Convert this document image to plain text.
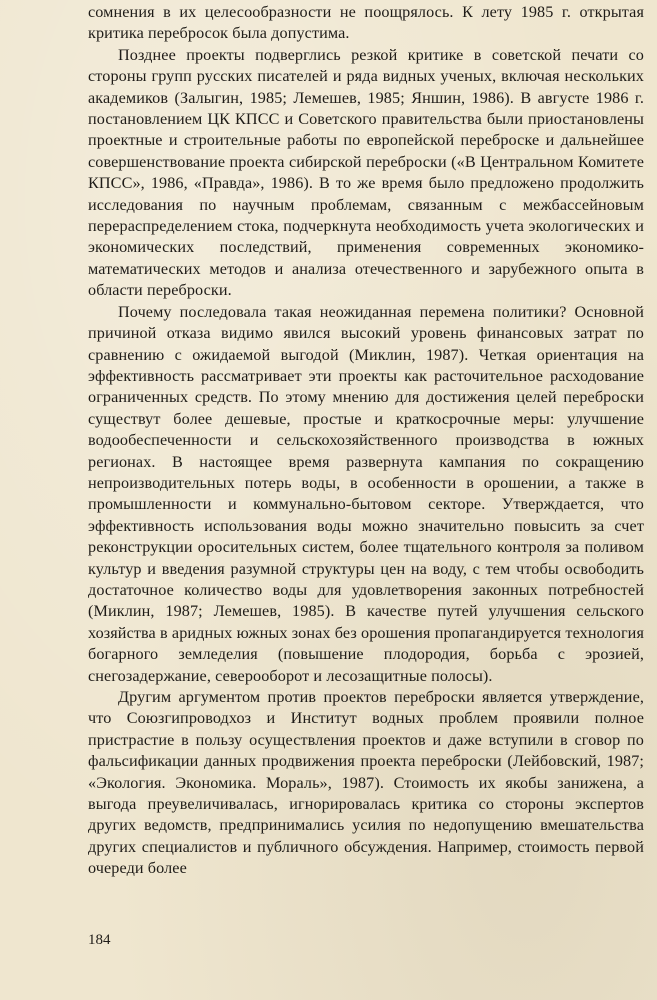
сомнения в их целесообразности не поощрялось. К лету 1985 г. открытая критика перебросок была допустима.

Позднее проекты подверглись резкой критике в советской печати со стороны групп русских писателей и ряда видных ученых, включая нескольких академиков (Залыгин, 1985; Лемешев, 1985; Яншин, 1986). В августе 1986 г. постановлением ЦК КПСС и Советского правительства были приостановлены проектные и строительные работы по европейской переброске и дальнейшее совершенствование проекта сибирской переброски («В Центральном Комитете КПСС», 1986, «Правда», 1986). В то же время было предложено продолжить исследования по научным проблемам, связанным с межбассейновым перераспределением стока, подчеркнута необходимость учета экологических и экономических последствий, применения современных экономико-математических методов и анализа отечественного и зарубежного опыта в области переброски.

Почему последовала такая неожиданная перемена политики? Основной причиной отказа видимо явился высокий уровень финансовых затрат по сравнению с ожидаемой выгодой (Миклин, 1987). Четкая ориентация на эффективность рассматривает эти проекты как расточительное расходование ограниченных средств. По этому мнению для достижения целей переброски существут более дешевые, простые и краткосрочные меры: улучшение водообеспеченности и сельскохозяйственного производства в южных регионах. В настоящее время развернута кампания по сокращению непроизводительных потерь воды, в особенности в орошении, а также в промышленности и коммунально-бытовом секторе. Утверждается, что эффективность использования воды можно значительно повысить за счет реконструкции оросительных систем, более тщательного контроля за поливом культур и введения разумной структуры цен на воду, с тем чтобы освободить достаточное количество воды для удовлетворения законных потребностей (Миклин, 1987; Лемешев, 1985). В качестве путей улучшения сельского хозяйства в аридных южных зонах без орошения пропагандируется технология богарного земледелия (повышение плодородия, борьба с эрозией, снегозадержание, северооборот и лесозащитные полосы).

Другим аргументом против проектов переброски является утверждение, что Союзгипроводхоз и Институт водных проблем проявили полное пристрастие в пользу осуществления проектов и даже вступили в сговор по фальсификации данных продвижения проекта переброски (Лейбовский, 1987; «Экология. Экономика. Мораль», 1987). Стоимость их якобы занижена, а выгода преувеличивалась, игнорировалась критика со стороны экспертов других ведомств, предпринимались усилия по недопущению вмешательства других специалистов и публичного обсуждения. Например, стоимость первой очереди более

184
